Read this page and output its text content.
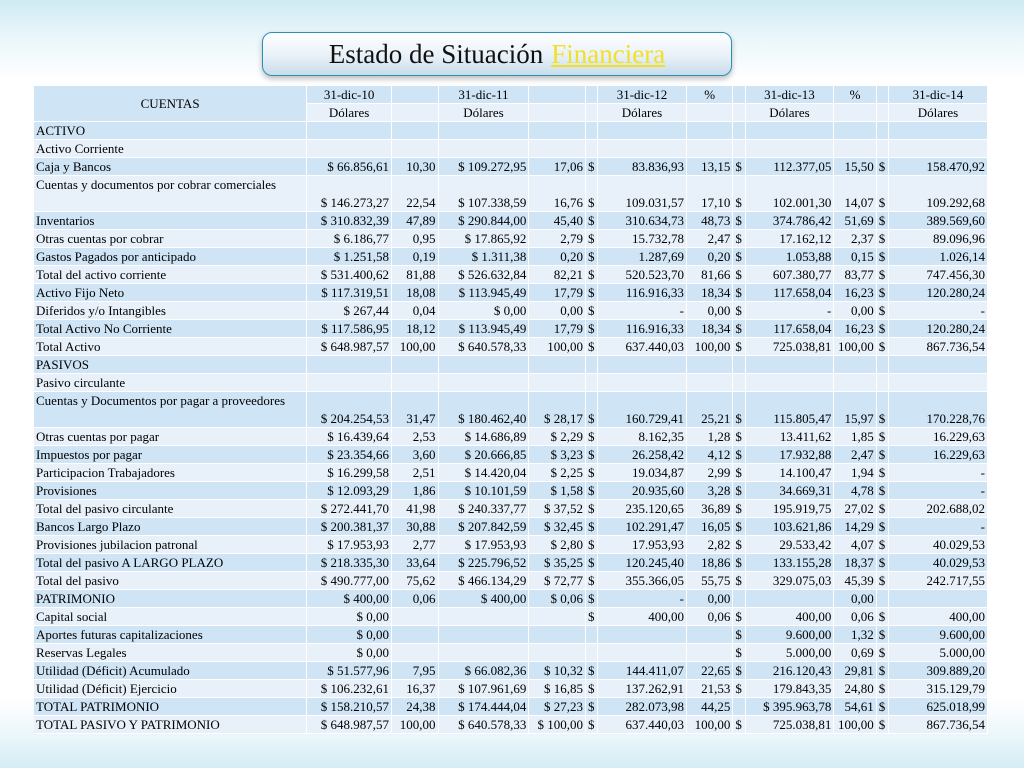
Estado de Situación Financiera
CUENTAS	31-dic-10		31-dic-11			31-dic-12	%		31-dic-13	%		31-dic-14
	Dólares		Dólares			Dólares			Dólares			Dólares
ACTIVO												
Activo Corriente												
Caja y Bancos	$ 66.856,61	10,30	$ 109.272,95	17,06	$	83.836,93	13,15	$	112.377,05	15,50	$	158.470,92
Cuentas y documentos por cobrar comerciales	$ 146.273,27	22,54	$ 107.338,59	16,76	$	109.031,57	17,10	$	102.001,30	14,07	$	109.292,68
Inventarios	$ 310.832,39	47,89	$ 290.844,00	45,40	$	310.634,73	48,73	$	374.786,42	51,69	$	389.569,60
Otras cuentas por cobrar	$ 6.186,77	0,95	$ 17.865,92	2,79	$	15.732,78	2,47	$	17.162,12	2,37	$	89.096,96
Gastos Pagados por anticipado	$ 1.251,58	0,19	$ 1.311,38	0,20	$	1.287,69	0,20	$	1.053,88	0,15	$	1.026,14
Total del activo corriente	$ 531.400,62	81,88	$ 526.632,84	82,21	$	520.523,70	81,66	$	607.380,77	83,77	$	747.456,30
Activo Fijo Neto	$ 117.319,51	18,08	$ 113.945,49	17,79	$	116.916,33	18,34	$	117.658,04	16,23	$	120.280,24
Diferidos y/o Intangibles	$ 267,44	0,04	$ 0,00	0,00	$	-	0,00	$	-	0,00	$	-
Total Activo No Corriente	$ 117.586,95	18,12	$ 113.945,49	17,79	$	116.916,33	18,34	$	117.658,04	16,23	$	120.280,24
Total Activo	$ 648.987,57	100,00	$ 640.578,33	100,00	$	637.440,03	100,00	$	725.038,81	100,00	$	867.736,54
PASIVOS												
Pasivo circulante												
Cuentas y Documentos por pagar a proveedores	$ 204.254,53	31,47	$ 180.462,40	$ 28,17	$	160.729,41	25,21	$	115.805,47	15,97	$	170.228,76
Otras cuentas por pagar	$ 16.439,64	2,53	$ 14.686,89	$ 2,29	$	8.162,35	1,28	$	13.411,62	1,85	$	16.229,63
Impuestos por pagar	$ 23.354,66	3,60	$ 20.666,85	$ 3,23	$	26.258,42	4,12	$	17.932,88	2,47	$	16.229,63
Participacion Trabajadores	$ 16.299,58	2,51	$ 14.420,04	$ 2,25	$	19.034,87	2,99	$	14.100,47	1,94	$	-
Provisiones	$ 12.093,29	1,86	$ 10.101,59	$ 1,58	$	20.935,60	3,28	$	34.669,31	4,78	$	-
Total del pasivo circulante	$ 272.441,70	41,98	$ 240.337,77	$ 37,52	$	235.120,65	36,89	$	195.919,75	27,02	$	202.688,02
Bancos Largo Plazo	$ 200.381,37	30,88	$ 207.842,59	$ 32,45	$	102.291,47	16,05	$	103.621,86	14,29	$	-
Provisiones jubilacion patronal	$ 17.953,93	2,77	$ 17.953,93	$ 2,80	$	17.953,93	2,82	$	29.533,42	4,07	$	40.029,53
Total del pasivo A LARGO PLAZO	$ 218.335,30	33,64	$ 225.796,52	$ 35,25	$	120.245,40	18,86	$	133.155,28	18,37	$	40.029,53
Total del pasivo	$ 490.777,00	75,62	$ 466.134,29	$ 72,77	$	355.366,05	55,75	$	329.075,03	45,39	$	242.717,55
PATRIMONIO	$ 400,00	0,06	$ 400,00	$ 0,06	$	-	0,00			0,00		
Capital social	$ 0,00				$	400,00	0,06	$	400,00	0,06	$	400,00
Aportes futuras capitalizaciones	$ 0,00							$	9.600,00	1,32	$	9.600,00
Reservas Legales	$ 0,00							$	5.000,00	0,69	$	5.000,00
Utilidad (Déficit) Acumulado	$ 51.577,96	7,95	$ 66.082,36	$ 10,32	$	144.411,07	22,65	$	216.120,43	29,81	$	309.889,20
Utilidad (Déficit) Ejercicio	$ 106.232,61	16,37	$ 107.961,69	$ 16,85	$	137.262,91	21,53	$	179.843,35	24,80	$	315.129,79
TOTAL PATRIMONIO	$ 158.210,57	24,38	$ 174.444,04	$ 27,23	$	282.073,98	44,25		$ 395.963,78	54,61	$	625.018,99
TOTAL PASIVO Y PATRIMONIO	$ 648.987,57	100,00	$ 640.578,33	$ 100,00	$	637.440,03	100,00	$	725.038,81	100,00	$	867.736,54
